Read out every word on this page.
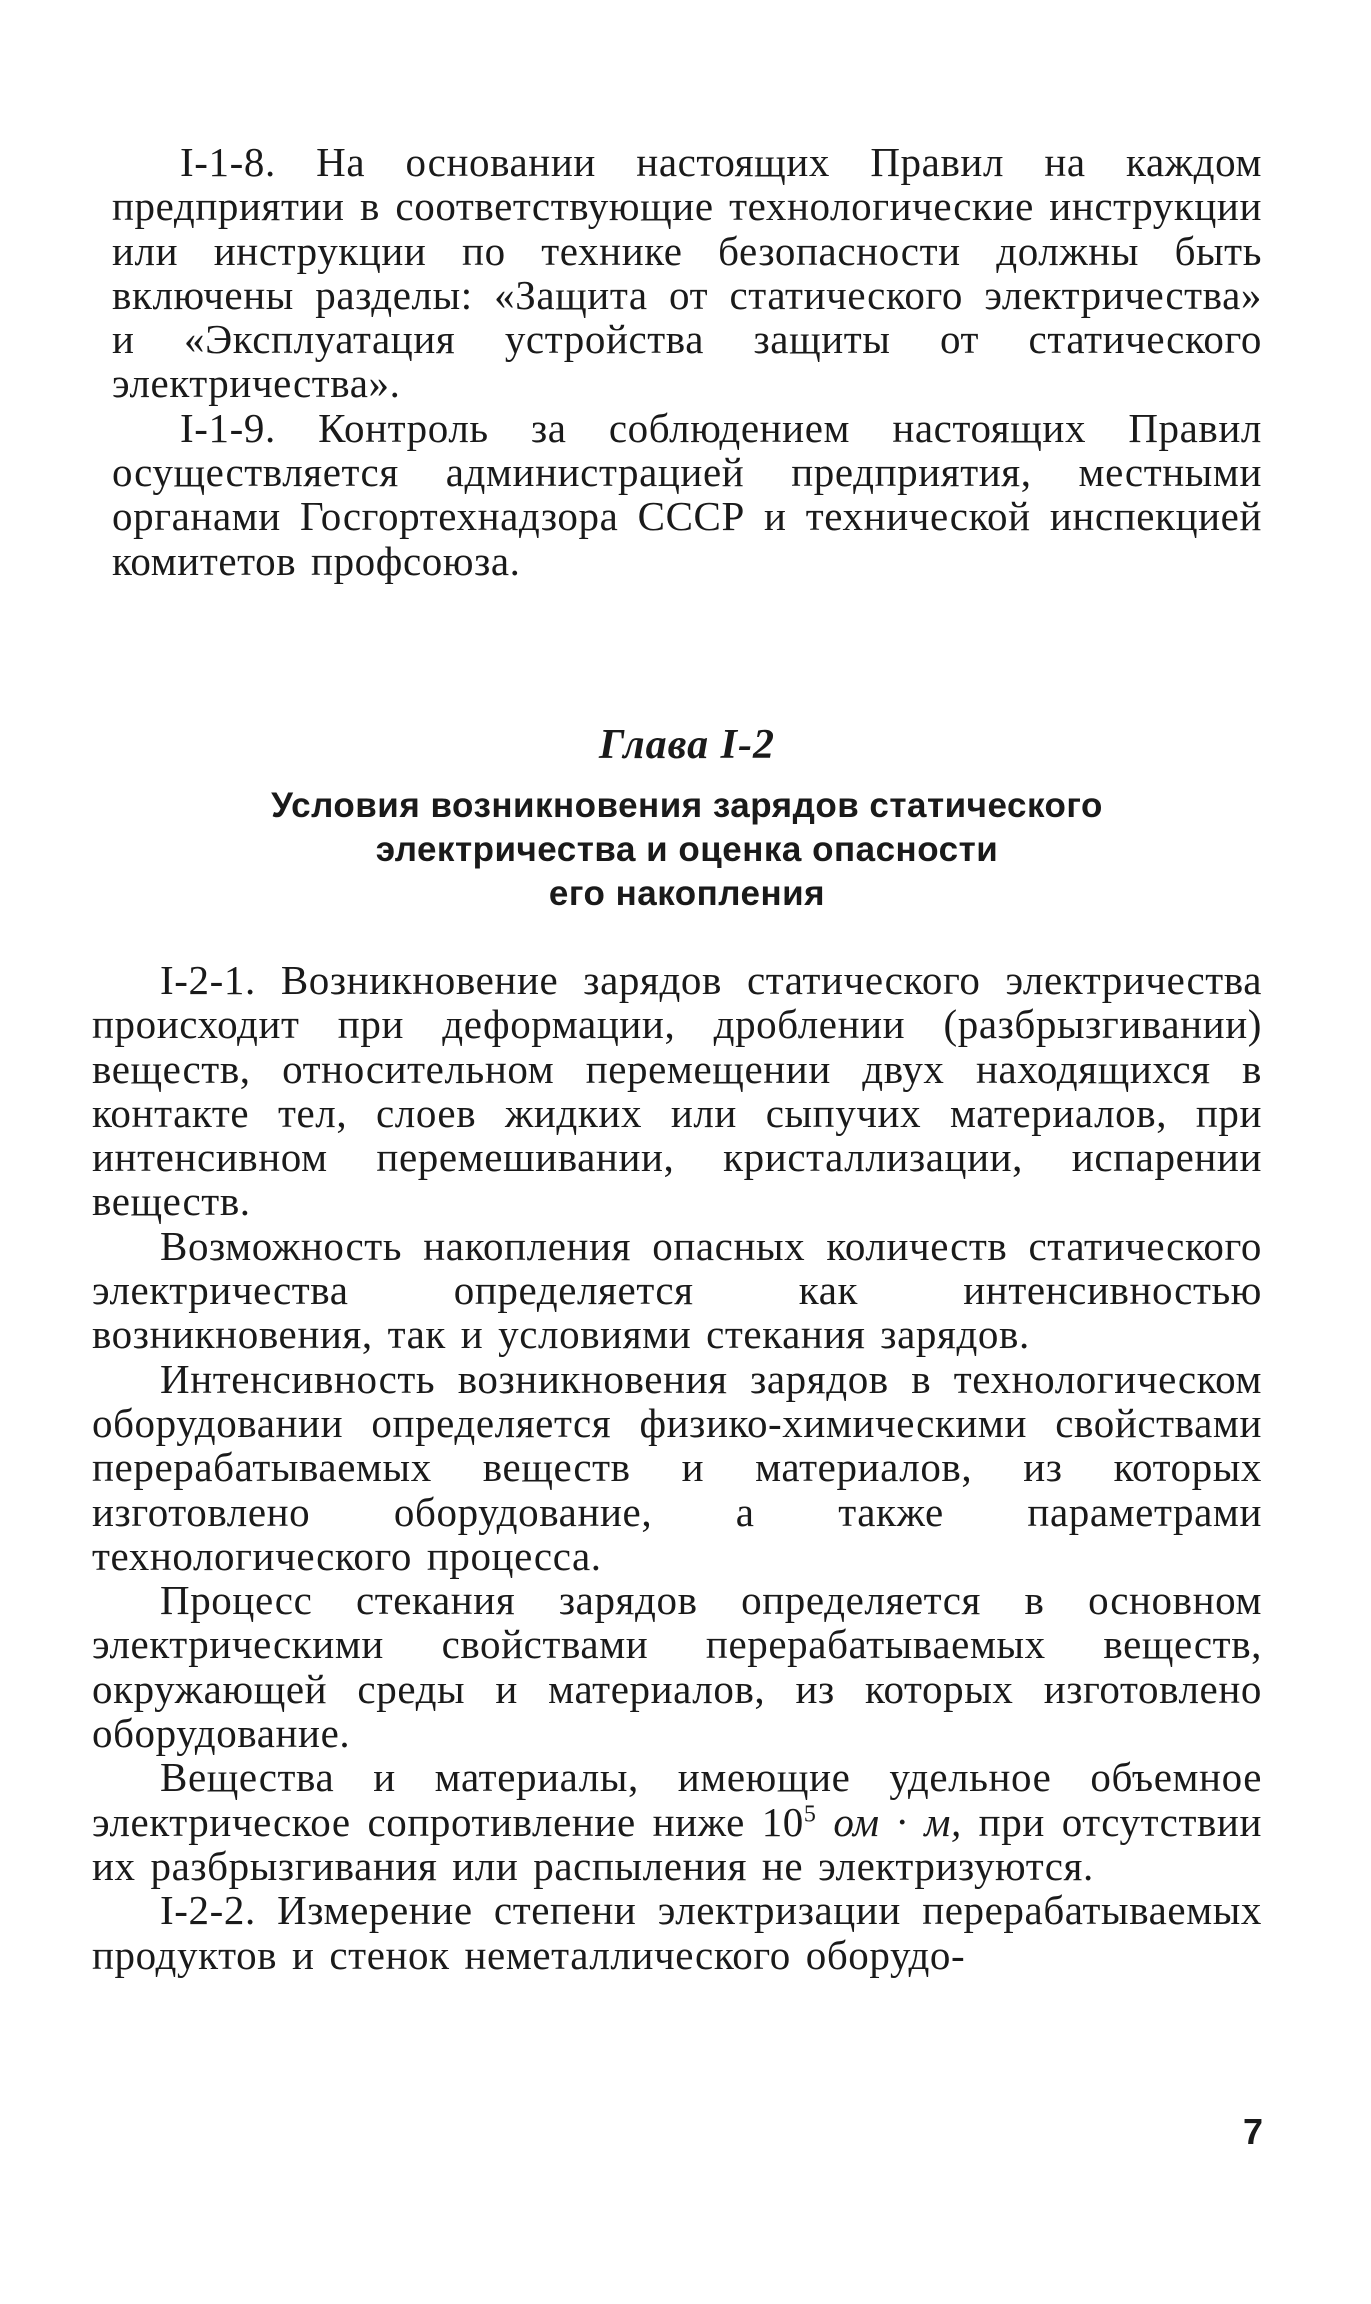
I-1-8. На основании настоящих Правил на каждом предприятии в соответствующие технологические инструкции или инструкции по технике безопасности должны быть включены разделы: «Защита от статического электричества» и «Эксплуатация устройства защиты от статического электричества».

I-1-9. Контроль за соблюдением настоящих Правил осуществляется администрацией предприятия, местными органами Госгортехнадзора СССР и технической инспекцией комитетов профсоюза.

Глава I-2
Условия возникновения зарядов статического
электричества и оценка опасности
его накопления

I-2-1. Возникновение зарядов статического электричества происходит при деформации, дроблении (разбрызгивании) веществ, относительном перемещении двух находящихся в контакте тел, слоев жидких или сыпучих материалов, при интенсивном перемешивании, кристаллизации, испарении веществ.

Возможность накопления опасных количеств статического электричества определяется как интенсивностью возникновения, так и условиями стекания зарядов.

Интенсивность возникновения зарядов в технологическом оборудовании определяется физико-химическими свойствами перерабатываемых веществ и материалов, из которых изготовлено оборудование, а также параметрами технологического процесса.

Процесс стекания зарядов определяется в основном электрическими свойствами перерабатываемых веществ, окружающей среды и материалов, из которых изготовлено оборудование.

Вещества и материалы, имеющие удельное объемное электрическое сопротивление ниже $10^5$ ом · м, при отсутствии их разбрызгивания или распыления не электризуются.

I-2-2. Измерение степени электризации перерабатываемых продуктов и стенок неметаллического оборудо-

7
